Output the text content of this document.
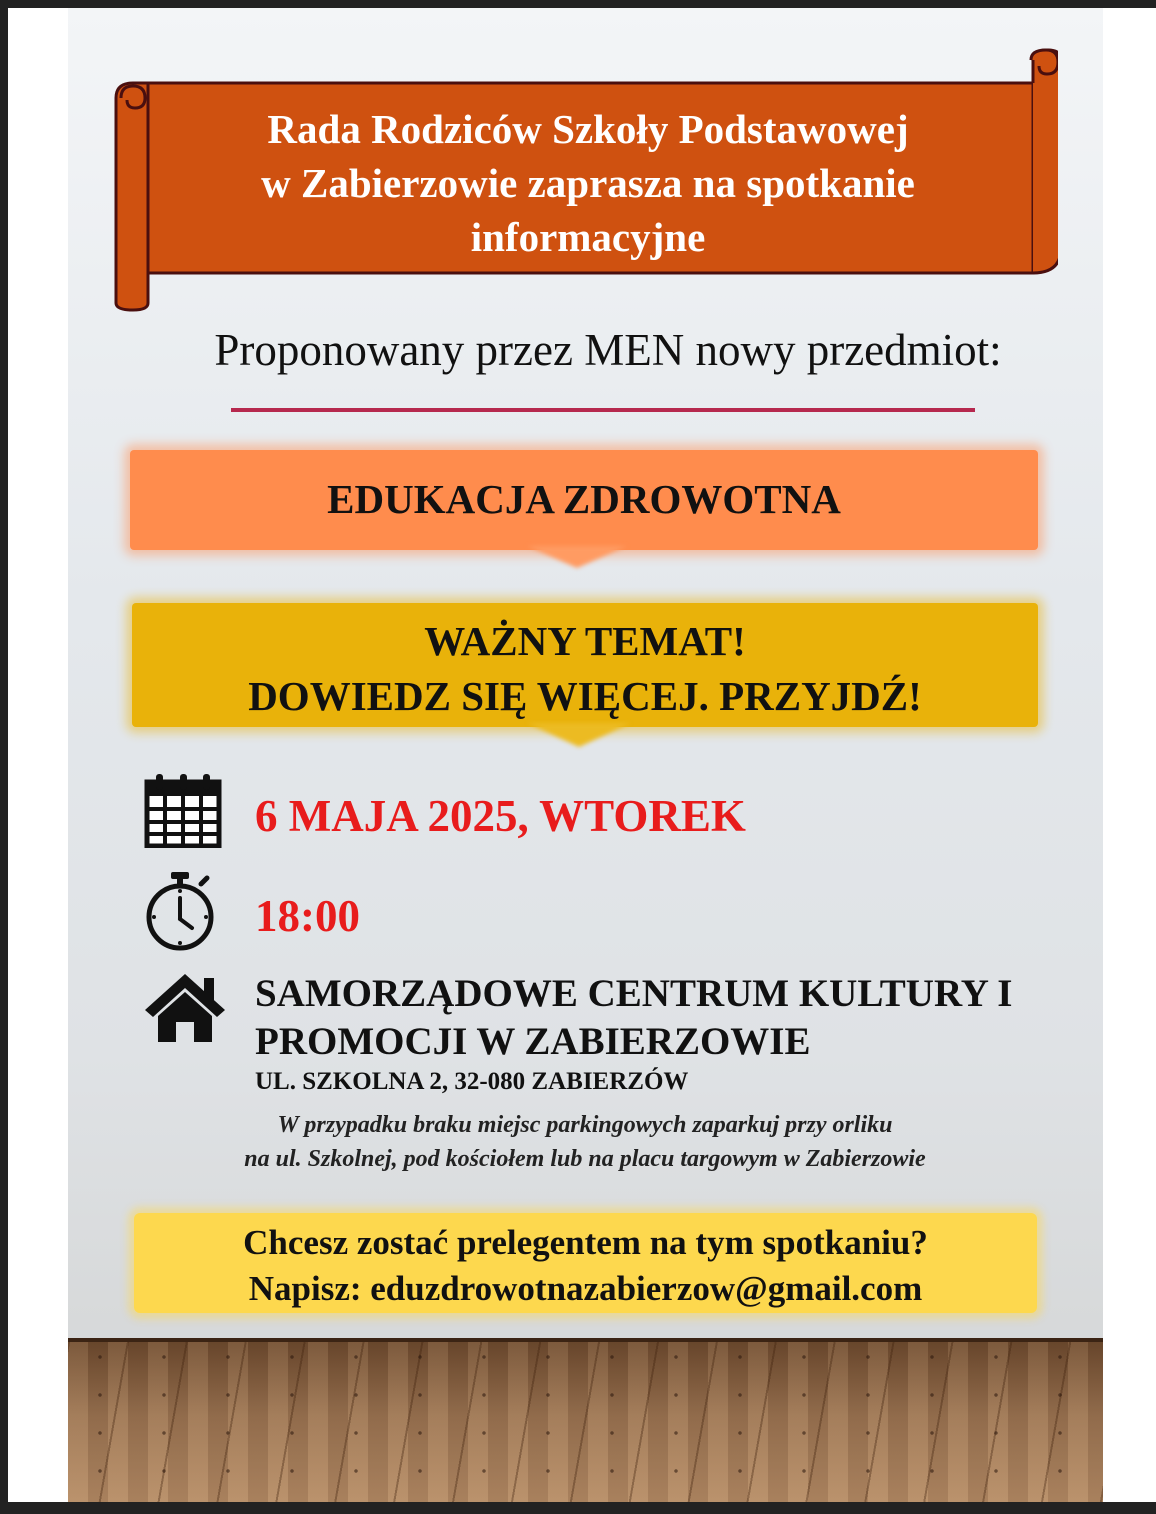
Rada Rodziców Szkoły Podstawowej
w Zabierzowie zaprasza na spotkanie
informacyjne
Proponowany przez MEN nowy przedmiot:
EDUKACJA ZDROWOTNA
WAŻNY TEMAT!
DOWIEDZ SIĘ WIĘCEJ. PRZYJDŹ!
6 MAJA 2025, WTOREK
18:00
SAMORZĄDOWE CENTRUM KULTURY I
PROMOCJI W ZABIERZOWIE
UL. SZKOLNA 2, 32-080 ZABIERZÓW
W przypadku braku miejsc parkingowych zaparkuj przy orliku
na ul. Szkolnej, pod kościołem lub na placu targowym w Zabierzowie
Chcesz zostać prelegentem na tym spotkaniu?
Napisz: eduzdrowotnazabierzow@gmail.com
